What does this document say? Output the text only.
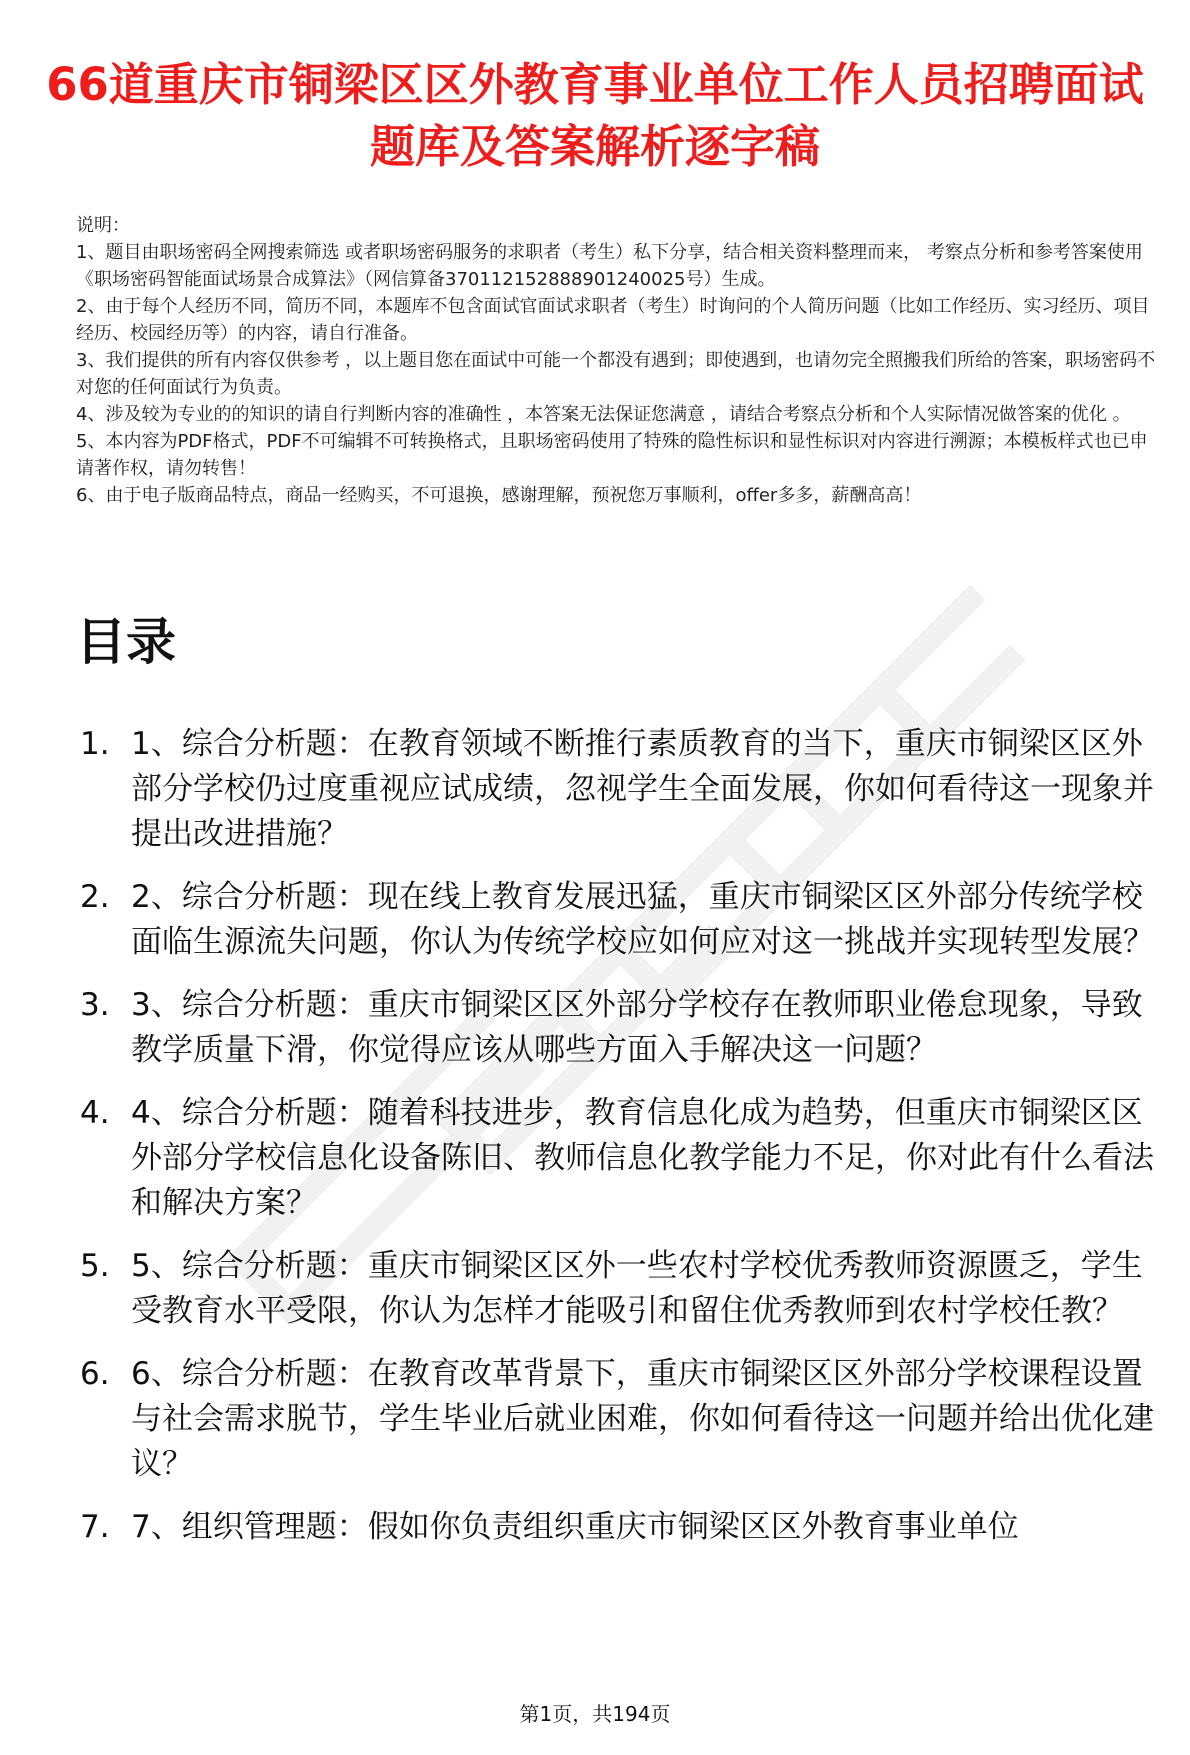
66道重庆市铜梁区区外教育事业单位工作人员招聘面试题库及答案解析逐字稿

说明：

1、题目由职场密码全网搜索筛选 或者职场密码服务的求职者（考生）私下分享，结合相关资料整理而来， 考察点分析和参考答案使用《职场密码智能面试场景合成算法》（网信算备370112152888901240025号）生成。

2、由于每个人经历不同，简历不同，本题库不包含面试官面试求职者（考生）时询问的个人简历问题（比如工作经历、实习经历、项目经历、校园经历等）的内容，请自行准备。

3、我们提供的所有内容仅供参考 ，以上题目您在面试中可能一个都没有遇到；即使遇到，也请勿完全照搬我们所给的答案，职场密码不对您的任何面试行为负责。

4、涉及较为专业的的知识的请自行判断内容的准确性 ，本答案无法保证您满意 ，请结合考察点分析和个人实际情况做答案的优化 。

5、本内容为PDF格式，PDF不可编辑不可转换格式，且职场密码使用了特殊的隐性标识和显性标识对内容进行溯源；本模板样式也已申请著作权，请勿转售！

6、由于电子版商品特点，商品一经购买，不可退换，感谢理解，预祝您万事顺利，offer多多，薪酬高高！

目录
1. 1、综合分析题：在教育领域不断推行素质教育的当下，重庆市铜梁区区外部分学校仍过度重视应试成绩，忽视学生全面发展，你如何看待这一现象并提出改进措施？
2. 2、综合分析题：现在线上教育发展迅猛，重庆市铜梁区区外部分传统学校面临生源流失问题，你认为传统学校应如何应对这一挑战并实现转型发展？
3. 3、综合分析题：重庆市铜梁区区外部分学校存在教师职业倦怠现象，导致教学质量下滑，你觉得应该从哪些方面入手解决这一问题？
4. 4、综合分析题：随着科技进步，教育信息化成为趋势，但重庆市铜梁区区外部分学校信息化设备陈旧、教师信息化教学能力不足，你对此有什么看法和解决方案？
5. 5、综合分析题：重庆市铜梁区区外一些农村学校优秀教师资源匮乏，学生受教育水平受限，你认为怎样才能吸引和留住优秀教师到农村学校任教？
6. 6、综合分析题：在教育改革背景下，重庆市铜梁区区外部分学校课程设置与社会需求脱节，学生毕业后就业困难，你如何看待这一问题并给出优化建议？
7. 7、组织管理题：假如你负责组织重庆市铜梁区区外教育事业单位
第1页，共194页
